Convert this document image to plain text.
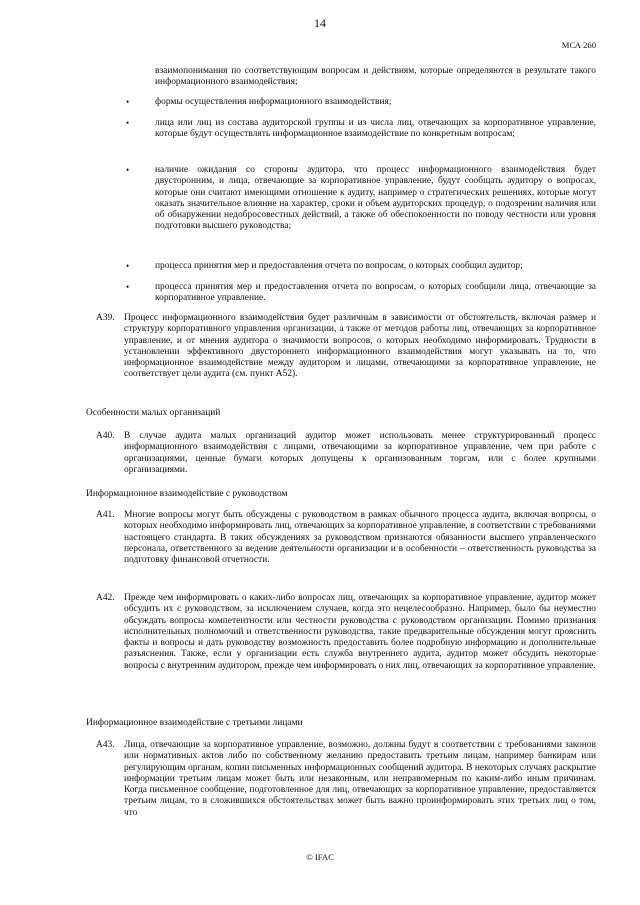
14
МСА 260

взаимопонимания по соответствующим вопросам и действиям, которые определяются в результате такого информационного взаимодействия;

•	формы осуществления информационного взаимодействия;

•	лица или лиц из состава аудиторской группы и из числа лиц, отвечающих за корпоративное управление, которые будут осуществлять информационное взаимодействие по конкретным вопросам;

•	наличие ожидания со стороны аудитора, что процесс информационного взаимодействия будет двусторонним, и лица, отвечающие за корпоративное управление, будут сообщать аудитору о вопросах, которые они считают имеющими отношение к аудиту, например о стратегических решениях, которые могут оказать значительное влияние на характер, сроки и объем аудиторских процедур, о подозрении наличия или об обнаружении недобросовестных действий, а также об обеспокоенности по поводу честности или уровня подготовки высшего руководства;

•	процесса принятия мер и предоставления отчета по вопросам, о которых сообщил аудитор;

•	процесса принятия мер и предоставления отчета по вопросам, о которых сообщили лица, отвечающие за корпоративное управление.

A39. Процесс информационного взаимодействия будет различным в зависимости от обстоятельств, включая размер и структуру корпоративного управления организации, а также от методов работы лиц, отвечающих за корпоративное управление, и от мнения аудитора о значимости вопросов, о которых необходимо информировать. Трудности в установлении эффективного двустороннего информационного взаимодействия могут указывать на то, что информационное взаимодействие между аудитором и лицами, отвечающими за корпоративное управление, не соответствует цели аудита (см. пункт A52).

Особенности малых организаций
A40. В случае аудита малых организаций аудитор может использовать менее структурированный процесс информационного взаимодействия с лицами, отвечающими за корпоративное управление, чем при работе с организациями, ценные бумаги которых допущены к организованным торгам, или с более крупными организациями.

Информационное взаимодействие с руководством
A41. Многие вопросы могут быть обсуждены с руководством в рамках обычного процесса аудита, включая вопросы, о которых необходимо информировать лиц, отвечающих за корпоративное управление, в соответствии с требованиями настоящего стандарта. В таких обсуждениях за руководством признаются обязанности высшего управленческого персонала, ответственного за ведение деятельности организации и в особенности – ответственность руководства за подготовку финансовой отчетности.

A42. Прежде чем информировать о каких-либо вопросах лиц, отвечающих за корпоративное управление, аудитор может обсудить их с руководством, за исключением случаев, когда это нецелесообразно. Например, было бы неуместно обсуждать вопросы компетентности или честности руководства с руководством организации. Помимо признания исполнительных полномочий и ответственности руководства, такие предварительные обсуждения могут прояснить факты и вопросы и дать руководству возможность предоставить более подробную информацию и дополнительные разъяснения. Также, если у организации есть служба внутреннего аудита, аудитор может обсудить некоторые вопросы с внутренним аудитором, прежде чем информировать о них лиц, отвечающих за корпоративное управление.

Информационное взаимодействие с третьими лицами
A43. Лица, отвечающие за корпоративное управление, возможно, должны будут в соответствии с требованиями законов или нормативных актов либо по собственному желанию предоставить третьим лицам, например банкирам или регулирующим органам, копии письменных информационных сообщений аудитора. В некоторых случаях раскрытие информации третьим лицам может быть или незаконным, или неправомерным по каким-либо иным причинам. Когда письменное сообщение, подготовленное для лиц, отвечающих за корпоративное управление, предоставляется третьим лицам, то в сложившихся обстоятельствах может быть важно проинформировать этих третьих лиц о том, что

© IFAC
